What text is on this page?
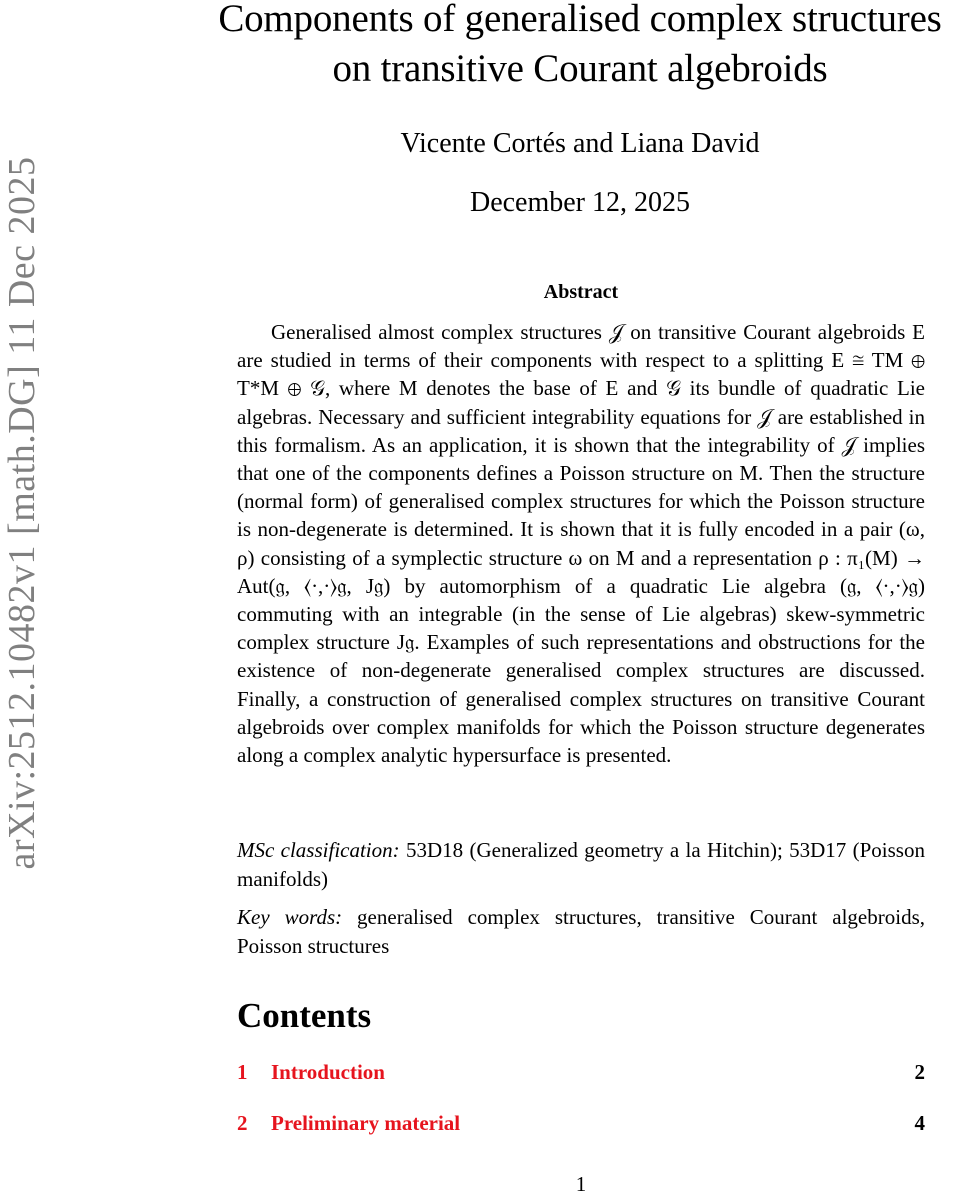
arXiv:2512.10482v1 [math.DG] 11 Dec 2025
Components of generalised complex structures
on transitive Courant algebroids
Vicente Cortés and Liana David
December 12, 2025
Abstract

Generalised almost complex structures 𝒥 on transitive Courant algebroids E are studied in terms of their components with respect to a splitting E ≅ TM ⊕ T*M ⊕ 𝒢, where M denotes the base of E and 𝒢 its bundle of quadratic Lie algebras. Necessary and sufficient integrability equations for 𝒥 are established in this formalism. As an application, it is shown that the integrability of 𝒥 implies that one of the components defines a Poisson structure on M. Then the structure (normal form) of generalised complex structures for which the Poisson structure is non-degenerate is determined. It is shown that it is fully encoded in a pair (ω, ρ) consisting of a symplectic structure ω on M and a representation ρ : π₁(M) → Aut(𝔤, ⟨·,·⟩𝔤, J𝔤) by automorphism of a quadratic Lie algebra (𝔤, ⟨·,·⟩𝔤) commuting with an integrable (in the sense of Lie algebras) skew-symmetric complex structure J𝔤. Examples of such representations and obstructions for the existence of non-degenerate generalised complex structures are discussed. Finally, a construction of generalised complex structures on transitive Courant algebroids over complex manifolds for which the Poisson structure degenerates along a complex analytic hypersurface is presented.

MSc classification: 53D18 (Generalized geometry a la Hitchin); 53D17 (Poisson manifolds)

Key words: generalised complex structures, transitive Courant algebroids, Poisson structures

Contents
1	Introduction	2
2	Preliminary material	4
1
